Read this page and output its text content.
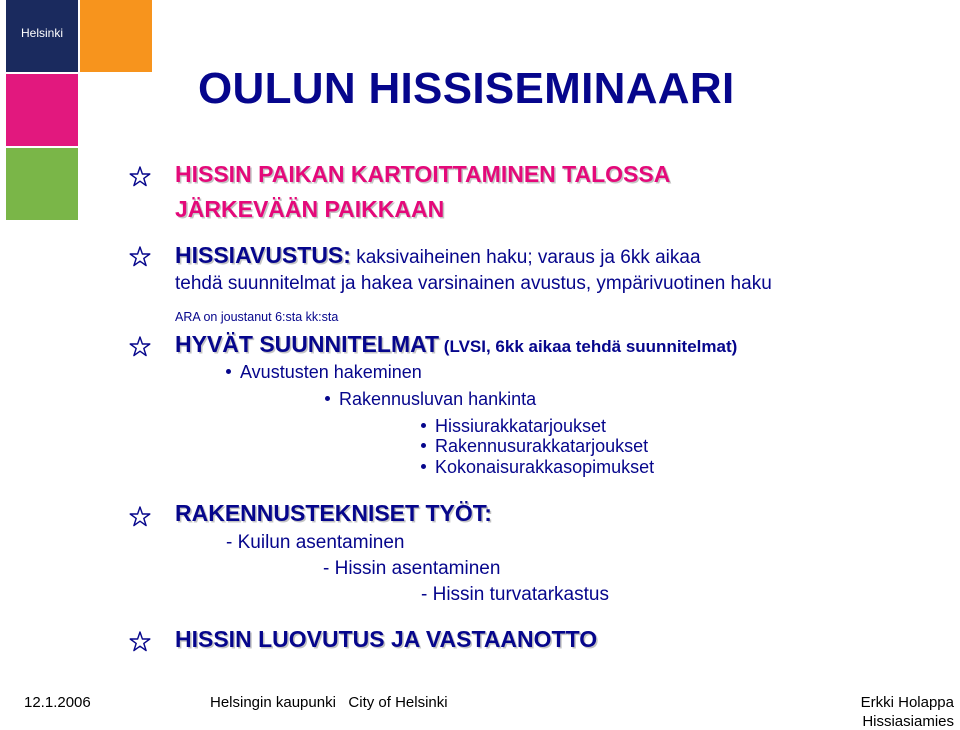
Helsinki
OULUN HISSISEMINAARI
HISSIN PAIKAN KARTOITTAMINEN TALOSSA
JÄRKEVÄÄN PAIKKAAN
HISSIAVUSTUS: kaksivaiheinen haku; varaus ja 6kk aikaa
tehdä suunnitelmat ja hakea varsinainen avustus, ympärivuotinen haku
ARA on joustanut 6:sta kk:sta
HYVÄT SUUNNITELMAT (LVSI, 6kk aikaa tehdä suunnitelmat)
Avustusten hakeminen
Rakennusluvan hankinta
Hissiurakkatarjoukset
Rakennusurakkatarjoukset
Kokonaisurakkasopimukset
RAKENNUSTEKNISET TYÖT:
- Kuilun asentaminen
- Hissin asentaminen
- Hissin turvatarkastus
HISSIN LUOVUTUS JA VASTAANOTTO
12.1.2006	Helsingin kaupunki   City of Helsinki	Erkki Holappa
Hissiasiamies
